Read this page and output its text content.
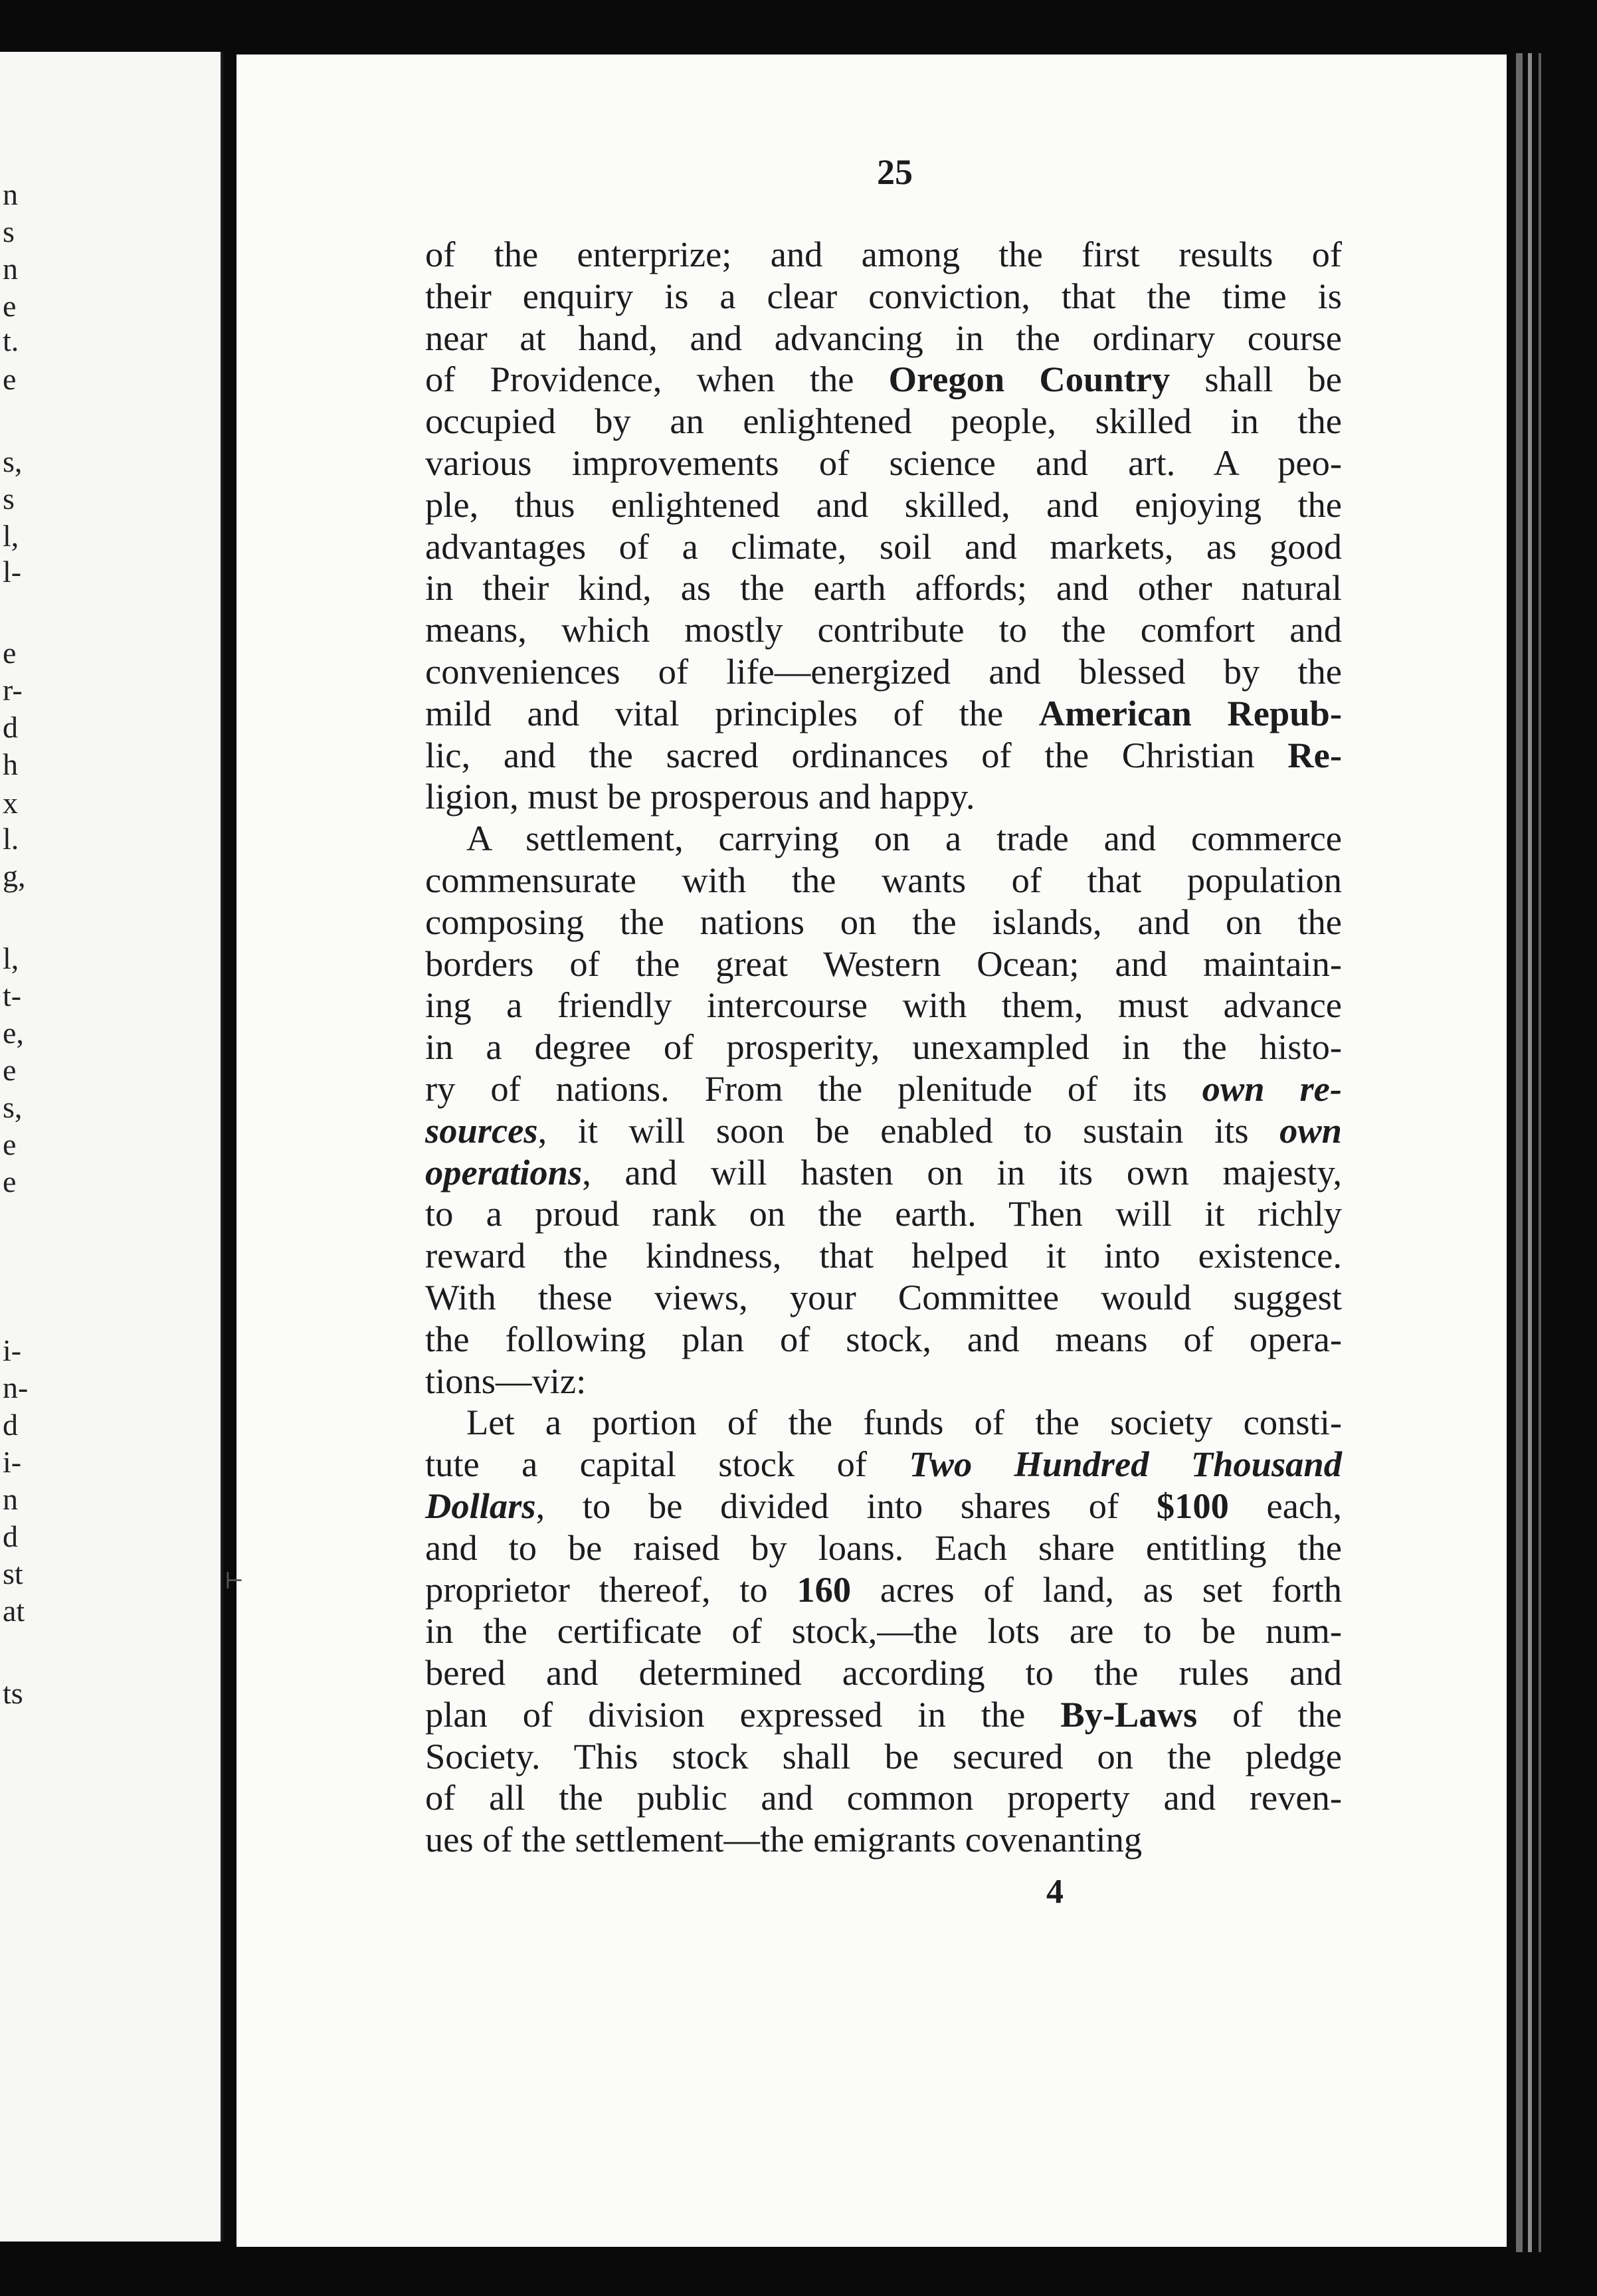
n
s
n
e
t.
e
s,
s
l,
l-
e
r-
d
h
x
l.
g,
l,
t-
e,
e
s,
e
e
i-
n-
d
i-
n
d
st
at
ts
25
of the enterprize; and among the first results of
their enquiry is a clear conviction, that the time is
near at hand, and advancing in the ordinary course
of Providence, when the Oregon Country shall be
occupied by an enlightened people, skilled in the
various improvements of science and art. A peo-
ple, thus enlightened and skilled, and enjoying the
advantages of a climate, soil and markets, as good
in their kind, as the earth affords; and other natural
means, which mostly contribute to the comfort and
conveniences of life—energized and blessed by the
mild and vital principles of the American Repub-
lic, and the sacred ordinances of the Christian Re-
ligion, must be prosperous and happy.
A settlement, carrying on a trade and commerce
commensurate with the wants of that population
composing the nations on the islands, and on the
borders of the great Western Ocean; and maintain-
ing a friendly intercourse with them, must advance
in a degree of prosperity, unexampled in the histo-
ry of nations. From the plenitude of its own re-
sources, it will soon be enabled to sustain its own
operations, and will hasten on in its own majesty,
to a proud rank on the earth. Then will it richly
reward the kindness, that helped it into existence.
With these views, your Committee would suggest
the following plan of stock, and means of opera-
tions—viz:
Let a portion of the funds of the society consti-
tute a capital stock of Two Hundred Thousand
Dollars, to be divided into shares of $100 each,
and to be raised by loans. Each share entitling the
proprietor thereof, to 160 acres of land, as set forth
in the certificate of stock,—the lots are to be num-
bered and determined according to the rules and
plan of division expressed in the By-Laws of the
Society. This stock shall be secured on the pledge
of all the public and common property and reven-
ues of the settlement—the emigrants covenanting
4
⊢
